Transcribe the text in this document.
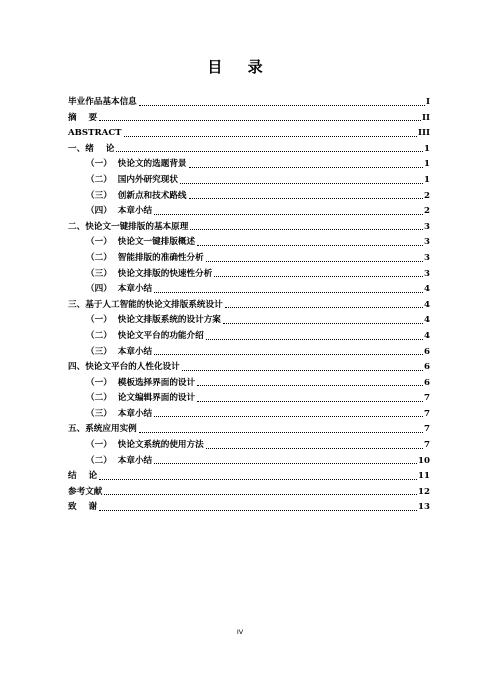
目 录
毕业作品基本信息	I
摘    要	II
ABSTRACT	III
一、绪    论	1
（一）  快论文的选题背景	1
（二）  国内外研究现状	1
（三）  创新点和技术路线	2
（四）  本章小结	2
二、快论文一键排版的基本原理	3
（一）  快论文一键排版概述	3
（二）  智能排版的准确性分析	3
（三）  快论文排版的快速性分析	3
（四）  本章小结	4
三、基于人工智能的快论文排版系统设计	4
（一）  快论文排版系统的设计方案	4
（二）  快论文平台的功能介绍	4
（三）  本章小结	6
四、快论文平台的人性化设计	6
（一）  模板选择界面的设计	6
（二）  论文编辑界面的设计	7
（三）  本章小结	7
五、系统应用实例	7
（一）  快论文系统的使用方法	7
（二）  本章小结	10
结    论	11
参考文献	12
致    谢	13
IV
